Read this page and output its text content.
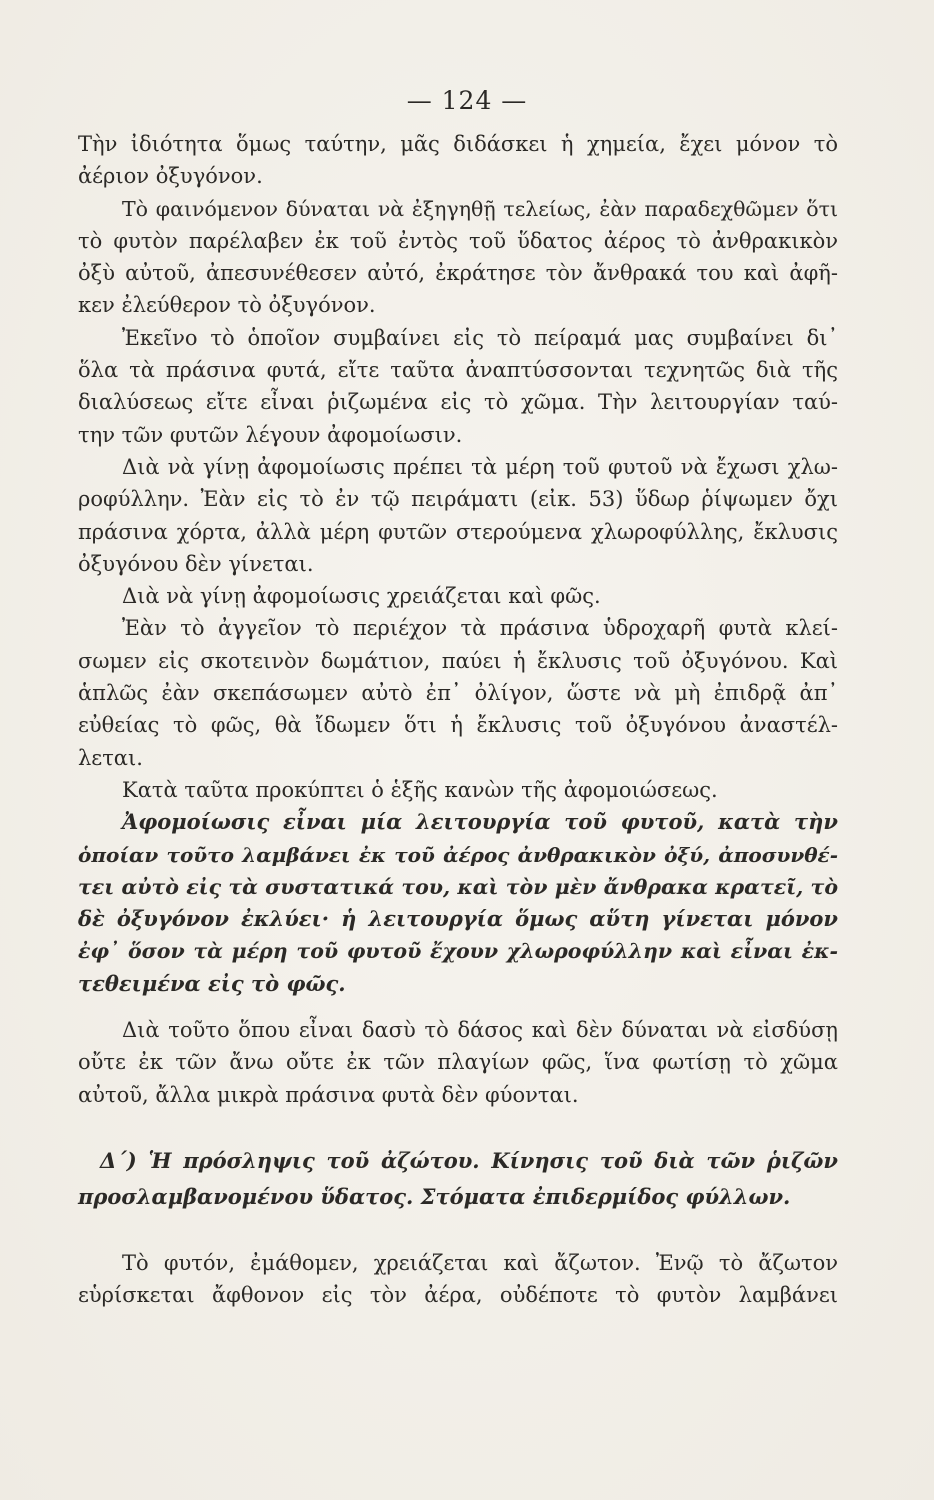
— 124 —
Τὴν ἰδιότητα ὅμως ταύτην, μᾶς διδάσκει ἡ χημεία, ἔχει μόνον τὸ
ἀέριον ὀξυγόνον.
Τὸ φαινόμενον δύναται νὰ ἐξηγηθῇ τελείως, ἐὰν παραδεχθῶμεν ὅτι
τὸ φυτὸν παρέλαβεν ἐκ τοῦ ἐντὸς τοῦ ὕδατος ἀέρος τὸ ἀνθρακικὸν
ὀξὺ αὐτοῦ, ἀπεσυνέθεσεν αὐτό, ἐκράτησε τὸν ἄνθρακά του καὶ ἀφῆ-
κεν ἐλεύθερον τὸ ὀξυγόνον.
Ἐκεῖνο τὸ ὁποῖον συμβαίνει εἰς τὸ πείραμά μας συμβαίνει δι᾿
ὅλα τὰ πράσινα φυτά, εἴτε ταῦτα ἀναπτύσσονται τεχνητῶς διὰ τῆς
διαλύσεως εἴτε εἶναι ῥιζωμένα εἰς τὸ χῶμα. Τὴν λειτουργίαν ταύ-
την τῶν φυτῶν λέγουν ἀφομοίωσιν.
Διὰ νὰ γίνῃ ἀφομοίωσις πρέπει τὰ μέρη τοῦ φυτοῦ νὰ ἔχωσι χλω-
ροφύλλην. Ἐὰν εἰς τὸ ἐν τῷ πειράματι (εἰκ. 53) ὕδωρ ῥίψωμεν ὄχι
πράσινα χόρτα, ἀλλὰ μέρη φυτῶν στερούμενα χλωροφύλλης, ἔκλυσις
ὀξυγόνου δὲν γίνεται.
Διὰ νὰ γίνῃ ἀφομοίωσις χρειάζεται καὶ φῶς.
Ἐὰν τὸ ἀγγεῖον τὸ περιέχον τὰ πράσινα ὑδροχαρῆ φυτὰ κλεί-
σωμεν εἰς σκοτεινὸν δωμάτιον, παύει ἡ ἔκλυσις τοῦ ὀξυγόνου. Καὶ
ἁπλῶς ἐὰν σκεπάσωμεν αὐτὸ ἐπ᾿ ὀλίγον, ὥστε νὰ μὴ ἐπιδρᾷ ἀπ᾿
εὐθείας τὸ φῶς, θὰ ἴδωμεν ὅτι ἡ ἔκλυσις τοῦ ὀξυγόνου ἀναστέλ-
λεται.
Κατὰ ταῦτα προκύπτει ὁ ἑξῆς κανὼν τῆς ἀφομοιώσεως.
Ἀφομοίωσις εἶναι μία λειτουργία τοῦ φυτοῦ, κατὰ τὴν
ὁποίαν τοῦτο λαμβάνει ἐκ τοῦ ἀέρος ἀνθρακικὸν ὀξύ, ἀποσυνθέ-
τει αὐτὸ εἰς τὰ συστατικά του, καὶ τὸν μὲν ἄνθρακα κρατεῖ, τὸ
δὲ ὀξυγόνον ἐκλύει· ἡ λειτουργία ὅμως αὕτη γίνεται μόνον
ἐφ᾿ ὅσον τὰ μέρη τοῦ φυτοῦ ἔχουν χλωροφύλλην καὶ εἶναι ἐκ-
τεθειμένα εἰς τὸ φῶς.
Διὰ τοῦτο ὅπου εἶναι δασὺ τὸ δάσος καὶ δὲν δύναται νὰ εἰσδύσῃ
οὔτε ἐκ τῶν ἄνω οὔτε ἐκ τῶν πλαγίων φῶς, ἵνα φωτίσῃ τὸ χῶμα
αὐτοῦ, ἄλλα μικρὰ πράσινα φυτὰ δὲν φύονται.
Δ΄) Ἡ πρόσληψις τοῦ ἀζώτου. Κίνησις τοῦ διὰ τῶν ῥιζῶν
προσλαμβανομένου ὕδατος. Στόματα ἐπιδερμίδος φύλλων.
Τὸ φυτόν, ἐμάθομεν, χρειάζεται καὶ ἄζωτον. Ἐνῷ τὸ ἄζωτον
εὑρίσκεται ἄφθονον εἰς τὸν ἀέρα, οὐδέποτε τὸ φυτὸν λαμβάνει
